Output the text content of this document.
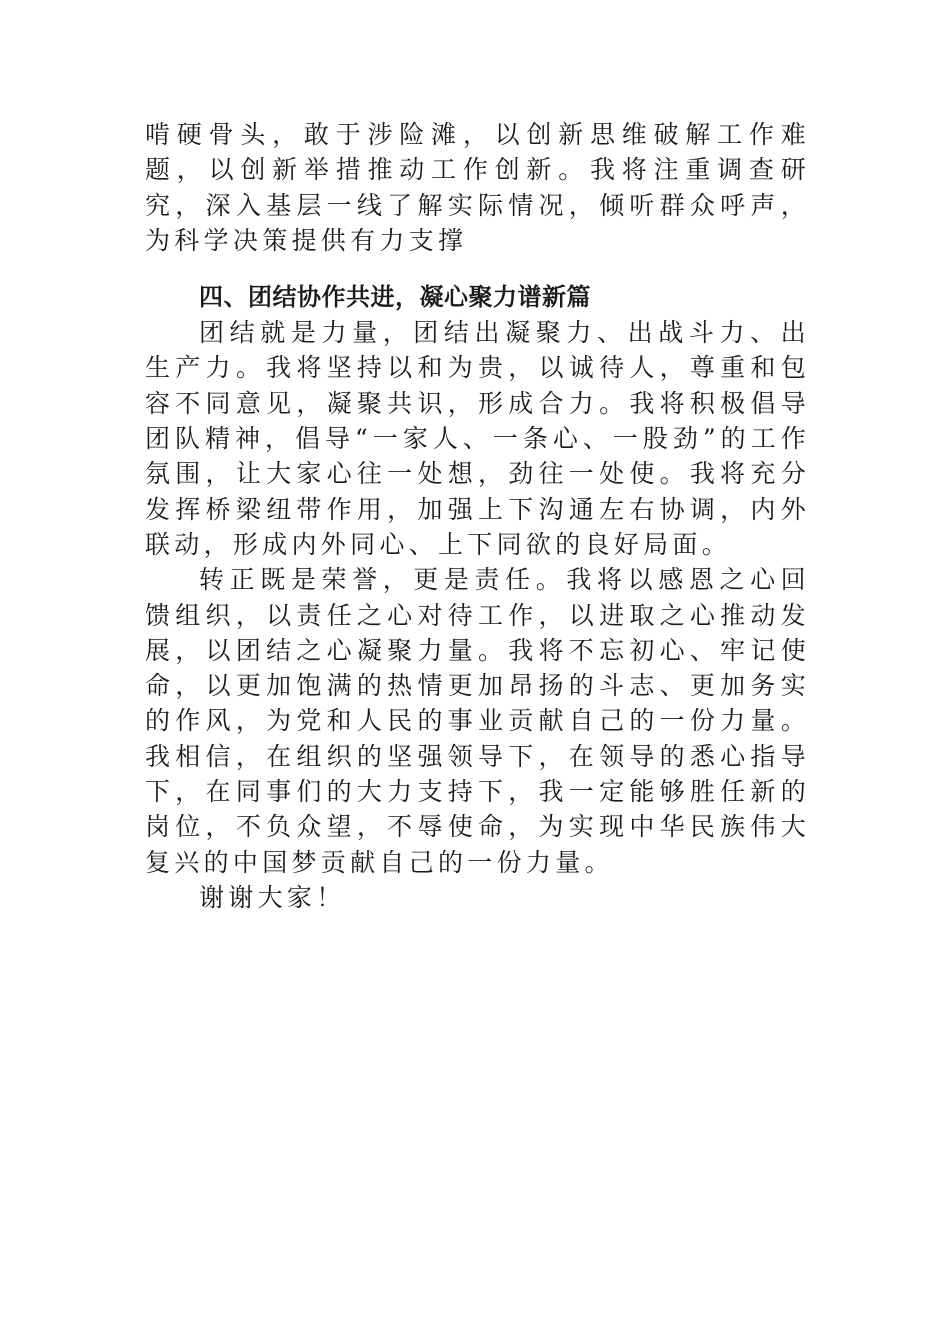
啃硬骨头，敢于涉险滩，以创新思维破解工作难题，以创新举措推动工作创新。我将注重调查研究，深入基层一线了解实际情况，倾听群众呼声，为科学决策提供有力支撑

四、团结协作共进，凝心聚力谱新篇

团结就是力量，团结出凝聚力、出战斗力、出生产力。我将坚持以和为贵，以诚待人，尊重和包容不同意见，凝聚共识，形成合力。我将积极倡导团队精神，倡导“一家人、一条心、一股劲”的工作氛围，让大家心往一处想，劲往一处使。我将充分发挥桥梁纽带作用，加强上下沟通左右协调，内外联动，形成内外同心、上下同欲的良好局面。

转正既是荣誉，更是责任。我将以感恩之心回馈组织，以责任之心对待工作，以进取之心推动发展，以团结之心凝聚力量。我将不忘初心、牢记使命，以更加饱满的热情更加昂扬的斗志、更加务实的作风，为党和人民的事业贡献自己的一份力量。我相信，在组织的坚强领导下，在领导的悉心指导下，在同事们的大力支持下，我一定能够胜任新的岗位，不负众望，不辱使命，为实现中华民族伟大复兴的中国梦贡献自己的一份力量。

谢谢大家！
